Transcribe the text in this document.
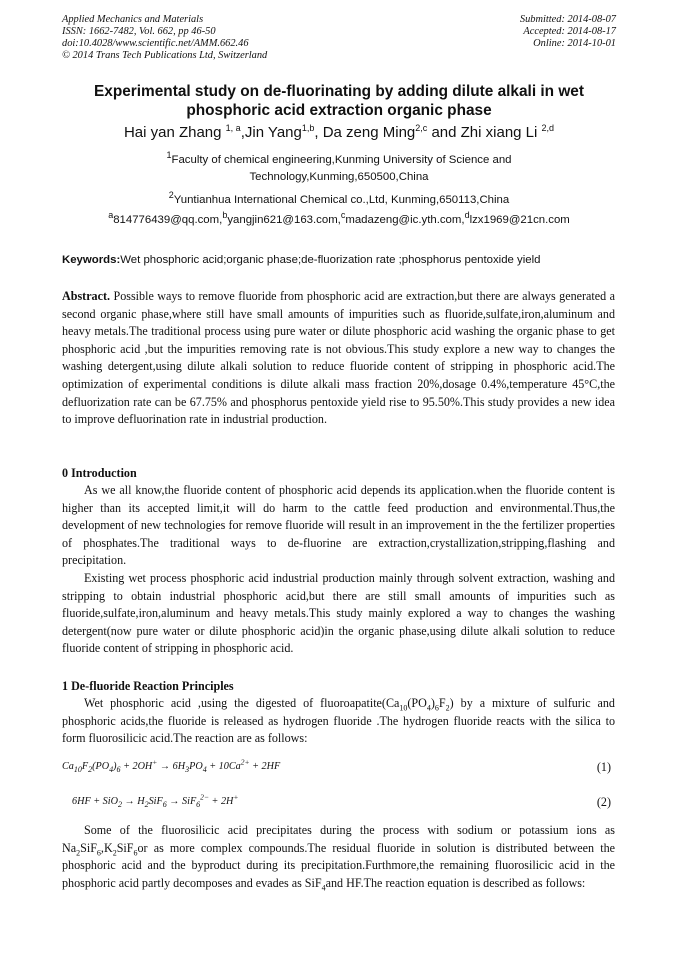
Applied Mechanics and Materials
ISSN: 1662-7482, Vol. 662, pp 46-50
doi:10.4028/www.scientific.net/AMM.662.46
© 2014 Trans Tech Publications Ltd, Switzerland
Submitted: 2014-08-07
Accepted: 2014-08-17
Online: 2014-10-01
Experimental study on de-fluorinating by adding dilute alkali in wet
phosphoric acid extraction organic phase
Hai yan Zhang $^{1, a}$,Jin Yang$^{1,b}$, Da zeng Ming$^{2,c}$ and Zhi xiang Li $^{2,d}$
$^1$Faculty of chemical engineering,Kunming University of Science and
Technology,Kunming,650500,China
$^2$Yuntianhua International Chemical co.,Ltd, Kunming,650113,China
$^a$814776439@qq.com,$^b$yangjin621@163.com,$^c$madazeng@ic.yth.com,$^d$lzx1969@21cn.com
Keywords:Wet phosphoric acid;organic phase;de-fluorization rate ;phosphorus pentoxide yield
Abstract. Possible ways to remove fluoride from phosphoric acid are extraction,but there are always generated a second organic phase,where still have small amounts of impurities such as fluoride,sulfate,iron,aluminum and heavy metals.The traditional process using pure water or dilute phosphoric acid washing the organic phase to get phosphoric acid ,but the impurities removing rate is not obvious.This study explore a new way to changes the washing detergent,using dilute alkali solution to reduce fluoride content of stripping in phosphoric acid.The optimization of experimental conditions is dilute alkali mass fraction 20%,dosage 0.4%,temperature 45°C,the defluorization rate can be 67.75% and phosphorus pentoxide yield rise to 95.50%.This study provides a new idea to improve defluorination rate in industrial production.
0 Introduction
As we all know,the fluoride content of phosphoric acid depends its application.when the fluoride content is higher than its accepted limit,it will do harm to the cattle feed production and environmental.Thus,the development of new technologies for remove fluoride will result in an improvement in the the fertilizer properties of phosphates.The traditional ways to de-fluorine are extraction,crystallization,stripping,flashing and precipitation.
Existing wet process phosphoric acid industrial production mainly through solvent extraction, washing and stripping to obtain industrial phosphoric acid,but there are still small amounts of impurities such as fluoride,sulfate,iron,aluminum and heavy metals.This study mainly explored a way to changes the washing detergent(now pure water or dilute phosphoric acid)in the organic phase,using dilute alkali solution to reduce fluoride content of stripping in phosphoric acid.
1 De-fluoride Reaction Principles
Wet phosphoric acid ,using the digested of $fluoroapatite(Ca_{10}(PO_4)_6F_2)$ by a mixture of sulfuric and phosphoric acids,the fluoride is released as hydrogen fluoride .The hydrogen fluoride reacts with the silica to form fluorosilicic acid.The reaction are as follows:
$Ca_{10}F_2(PO_4)_6 + 2OH^+ \to 6H_3PO_4 + 10Ca^{2+} + 2HF$	(1)
$6HF + SiO_2 \to H_2SiF_6 \to SiF_6^{2-} + 2H^+$	(2)
Some of the fluorosilicic acid precipitates during the process with sodium or potassium ions as $Na_2SiF_6,K_2SiF_6or$ as more complex compounds.The residual fluoride in solution is distributed between the phosphoric acid and the byproduct during its precipitation.Furthmore,the remaining fluorosilicic acid in the phosphoric acid partly decomposes and evades as SiF$_4$and HF.The reaction equation is described as follows:
